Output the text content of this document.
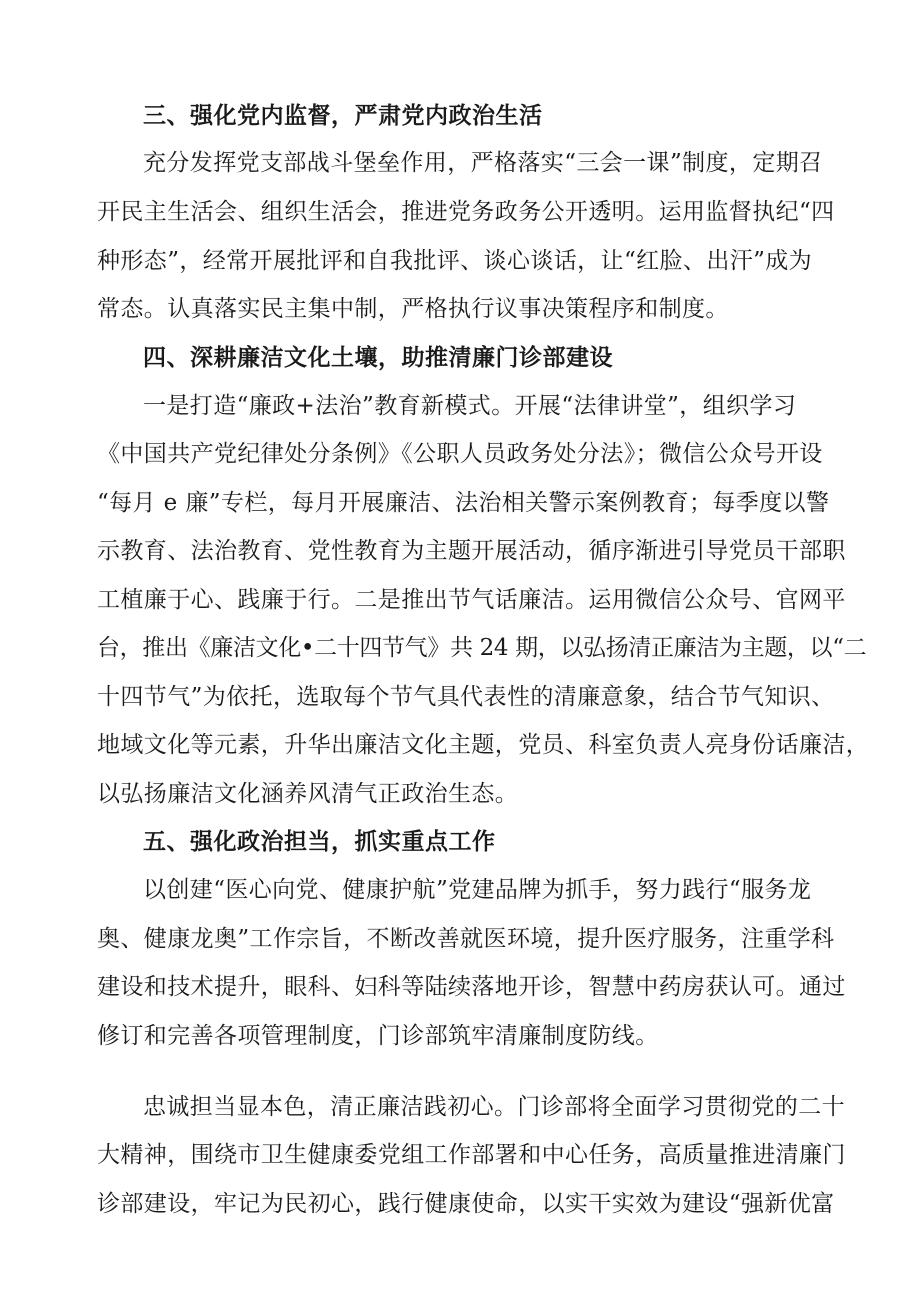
三、强化党内监督，严肃党内政治生活
充分发挥党支部战斗堡垒作用，严格落实“三会一课”制度，定期召
开民主生活会、组织生活会，推进党务政务公开透明。运用监督执纪“四
种形态”，经常开展批评和自我批评、谈心谈话，让“红脸、出汗”成为
常态。认真落实民主集中制，严格执行议事决策程序和制度。
四、深耕廉洁文化土壤，助推清廉门诊部建设
一是打造“廉政+法治”教育新模式。开展“法律讲堂”，组织学习
《中国共产党纪律处分条例》《公职人员政务处分法》；微信公众号开设
“每月 e 廉”专栏，每月开展廉洁、法治相关警示案例教育；每季度以警
示教育、法治教育、党性教育为主题开展活动，循序渐进引导党员干部职
工植廉于心、践廉于行。二是推出节气话廉洁。运用微信公众号、官网平
台，推出《廉洁文化•二十四节气》共 24 期，以弘扬清正廉洁为主题，以“二
十四节气”为依托，选取每个节气具代表性的清廉意象，结合节气知识、
地域文化等元素，升华出廉洁文化主题，党员、科室负责人亮身份话廉洁，
以弘扬廉洁文化涵养风清气正政治生态。
五、强化政治担当，抓实重点工作
以创建“医心向党、健康护航”党建品牌为抓手，努力践行“服务龙
奥、健康龙奥”工作宗旨，不断改善就医环境，提升医疗服务，注重学科
建设和技术提升，眼科、妇科等陆续落地开诊，智慧中药房获认可。通过
修订和完善各项管理制度，门诊部筑牢清廉制度防线。
忠诚担当显本色，清正廉洁践初心。门诊部将全面学习贯彻党的二十
大精神，围绕市卫生健康委党组工作部署和中心任务，高质量推进清廉门
诊部建设，牢记为民初心，践行健康使命，以实干实效为建设“强新优富
